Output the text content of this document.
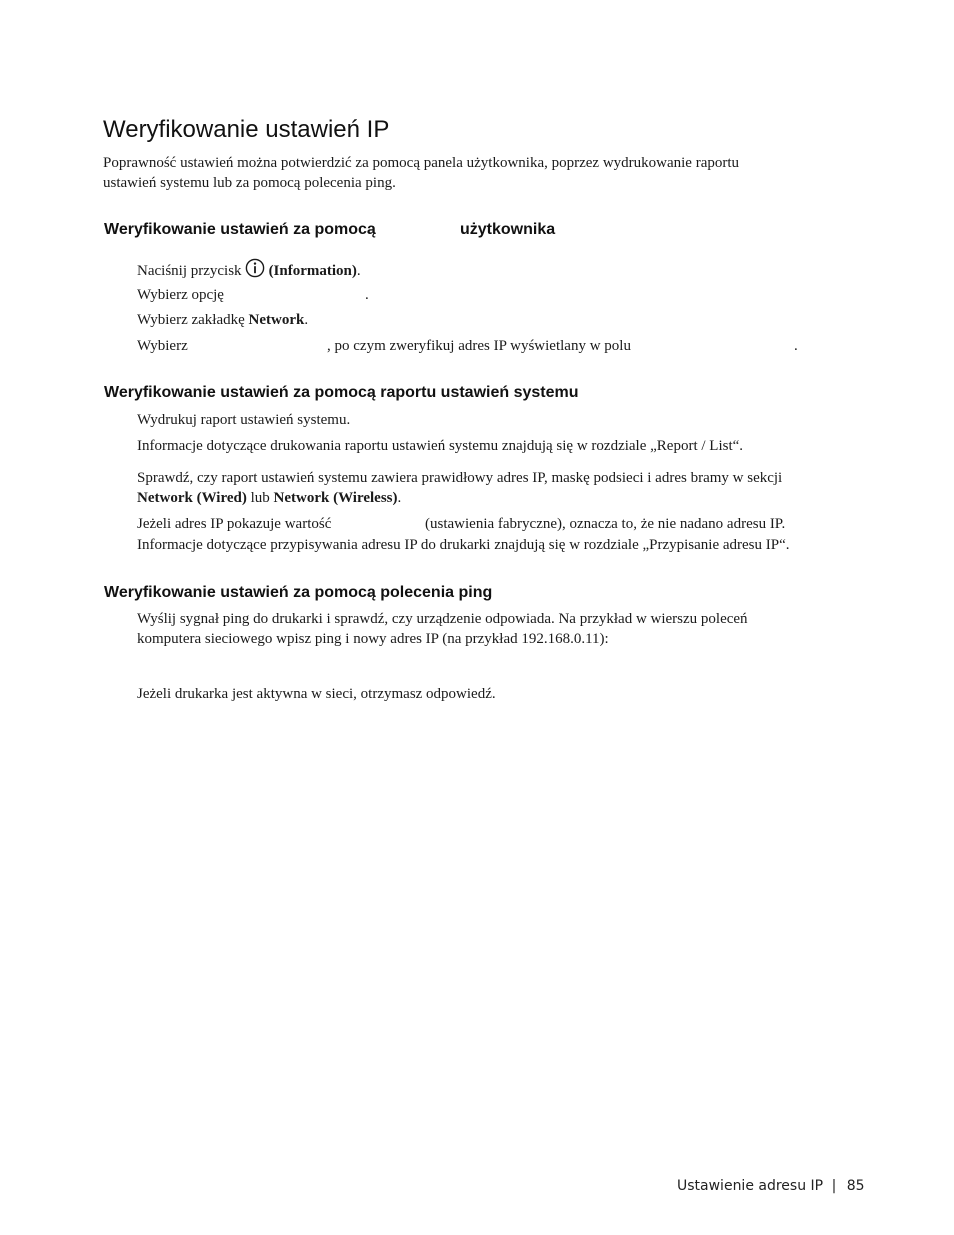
Weryfikowanie ustawień IP
Poprawność ustawień można potwierdzić za pomocą panela użytkownika, poprzez wydrukowanie raportu
ustawień systemu lub za pomocą polecenia ping.
Weryfikowanie ustawień za pomocą	użytkownika
Naciśnij przycisk (Information).
Wybierz opcję	.
Wybierz zakładkę Network.
Wybierz	, po czym zweryfikuj adres IP wyświetlany w polu	.
Weryfikowanie ustawień za pomocą raportu ustawień systemu
Wydrukuj raport ustawień systemu.
Informacje dotyczące drukowania raportu ustawień systemu znajdują się w rozdziale „Report / List“.
Sprawdź, czy raport ustawień systemu zawiera prawidłowy adres IP, maskę podsieci i adres bramy w sekcji
Network (Wired) lub Network (Wireless).
Jeżeli adres IP pokazuje wartość	(ustawienia fabryczne), oznacza to, że nie nadano adresu IP.
Informacje dotyczące przypisywania adresu IP do drukarki znajdują się w rozdziale „Przypisanie adresu IP“.
Weryfikowanie ustawień za pomocą polecenia ping
Wyślij sygnał ping do drukarki i sprawdź, czy urządzenie odpowiada. Na przykład w wierszu poleceń
komputera sieciowego wpisz ping i nowy adres IP (na przykład 192.168.0.11):
Jeżeli drukarka jest aktywna w sieci, otrzymasz odpowiedź.
Ustawienie adresu IP | 85
